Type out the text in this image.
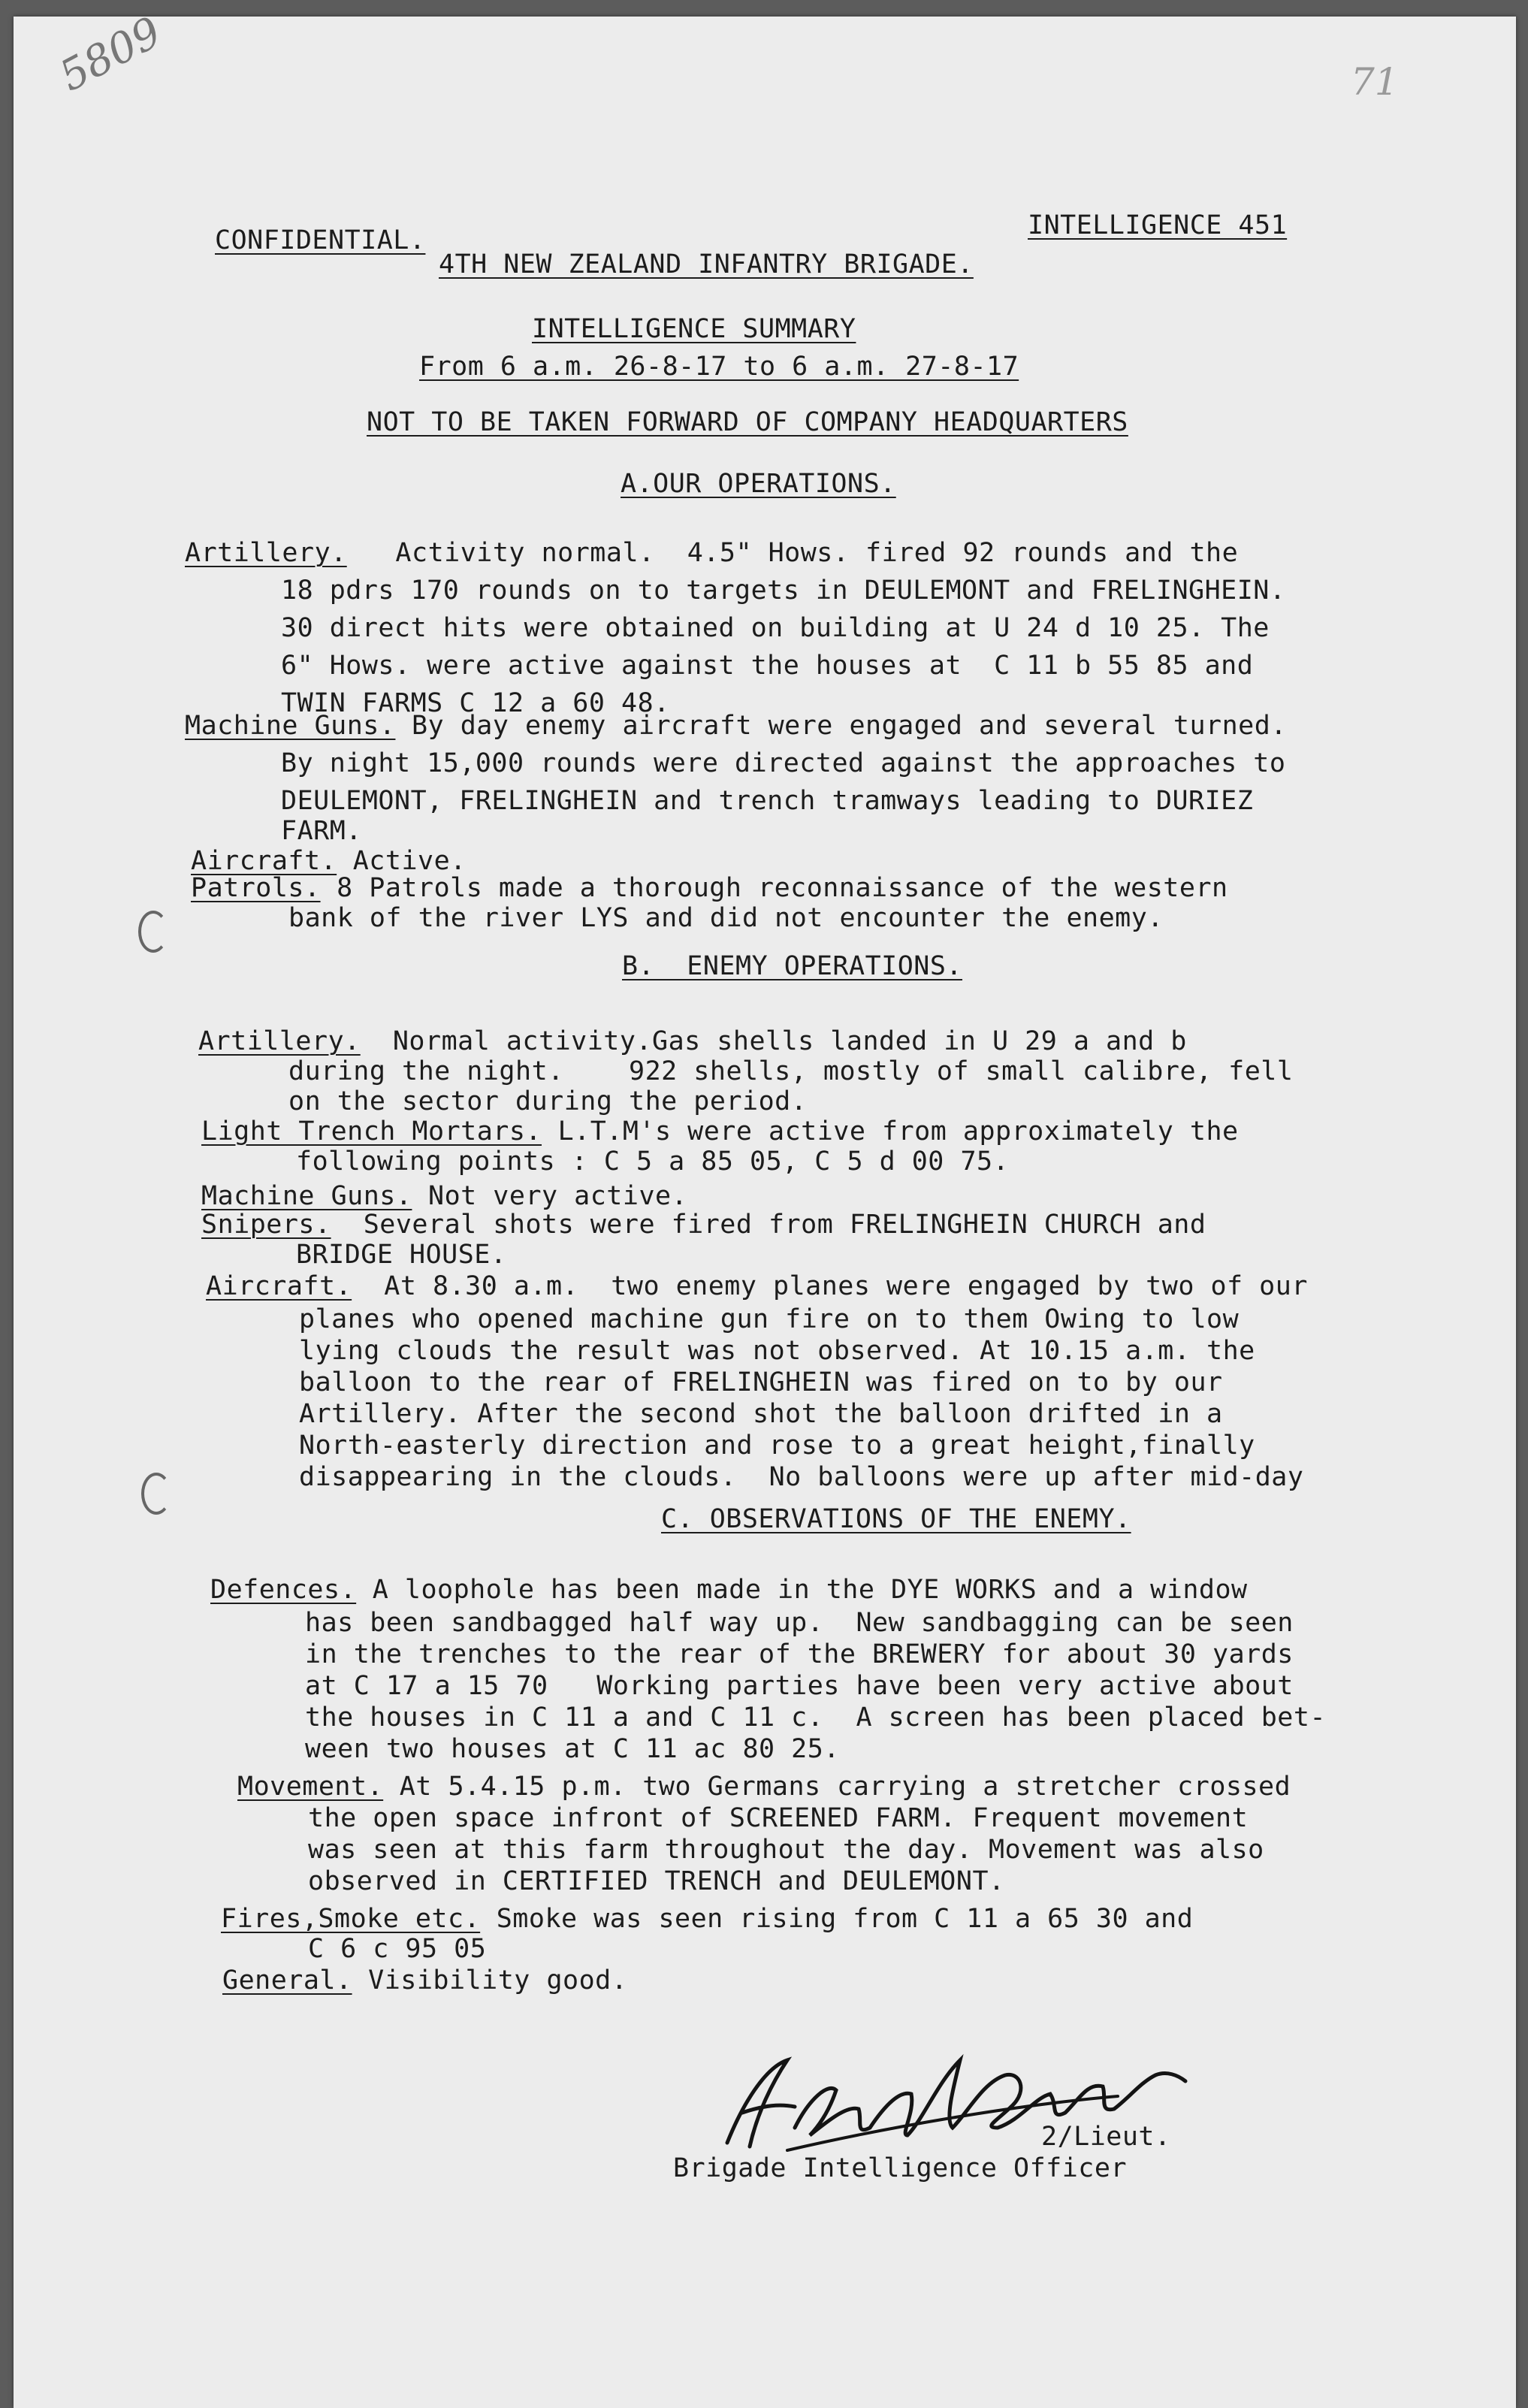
5809	71
CONFIDENTIAL.	INTELLIGENCE 451
4TH NEW ZEALAND INFANTRY BRIGADE.
INTELLIGENCE SUMMARY
From 6 a.m. 26-8-17 to 6 a.m. 27-8-17
NOT TO BE TAKEN FORWARD OF COMPANY HEADQUARTERS
A.OUR OPERATIONS.
Artillery.   Activity normal.  4.5" Hows. fired 92 rounds and the
18 pdrs 170 rounds on to targets in DEULEMONT and FRELINGHEIN.
30 direct hits were obtained on building at U 24 d 10 25. The
6" Hows. were active against the houses at  C 11 b 55 85 and
TWIN FARMS C 12 a 60 48.
Machine Guns. By day enemy aircraft were engaged and several turned.
By night 15,000 rounds were directed against the approaches to
DEULEMONT, FRELINGHEIN and trench tramways leading to DURIEZ
FARM.
Aircraft. Active.
Patrols. 8 Patrols made a thorough reconnaissance of the western
bank of the river LYS and did not encounter the enemy.
B.  ENEMY OPERATIONS.
Artillery.  Normal activity.Gas shells landed in U 29 a and b
during the night.    922 shells, mostly of small calibre, fell
on the sector during the period.
Light Trench Mortars. L.T.M's were active from approximately the
following points : C 5 a 85 05, C 5 d 00 75.
Machine Guns. Not very active.
Snipers.  Several shots were fired from FRELINGHEIN CHURCH and
BRIDGE HOUSE.
Aircraft.  At 8.30 a.m.  two enemy planes were engaged by two of our
planes who opened machine gun fire on to them Owing to low
lying clouds the result was not observed. At 10.15 a.m. the
balloon to the rear of FRELINGHEIN was fired on to by our
Artillery. After the second shot the balloon drifted in a
North-easterly direction and rose to a great height,finally
disappearing in the clouds.  No balloons were up after mid-day
C. OBSERVATIONS OF THE ENEMY.
Defences. A loophole has been made in the DYE WORKS and a window
has been sandbagged half way up.  New sandbagging can be seen
in the trenches to the rear of the BREWERY for about 30 yards
at C 17 a 15 70   Working parties have been very active about
the houses in C 11 a and C 11 c.  A screen has been placed bet-
ween two houses at C 11 ac 80 25.
Movement. At 5.4.15 p.m. two Germans carrying a stretcher crossed
the open space infront of SCREENED FARM. Frequent movement
was seen at this farm throughout the day. Movement was also
observed in CERTIFIED TRENCH and DEULEMONT.
Fires,Smoke etc. Smoke was seen rising from C 11 a 65 30 and
C 6 c 95 05
General. Visibility good.
Eharple Gardner
2/Lieut.
Brigade Intelligence Officer
